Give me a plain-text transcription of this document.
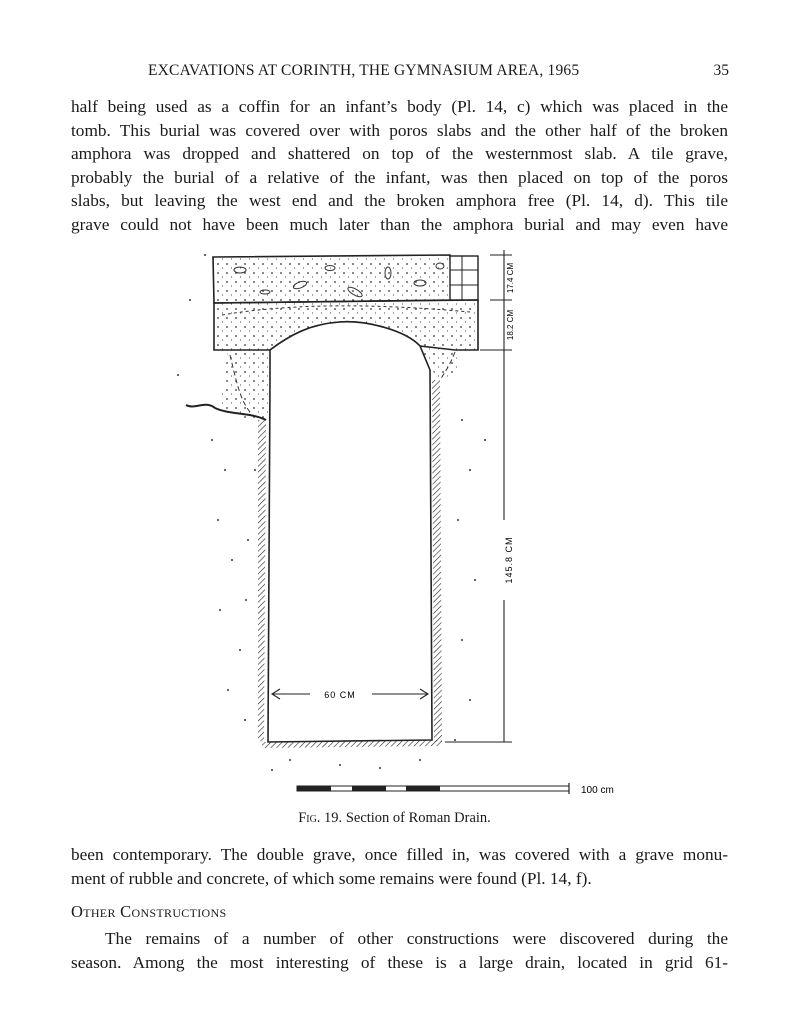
EXCAVATIONS AT CORINTH, THE GYMNASIUM AREA, 1965	35
half being used as a coffin for an infant’s body (Pl. 14, c) which was placed in the
tomb. This burial was covered over with poros slabs and the other half of the broken
amphora was dropped and shattered on top of the westernmost slab. A tile grave,
probably the burial of a relative of the infant, was then placed on top of the poros
slabs, but leaving the west end and the broken amphora free (Pl. 14, d). This tile
grave could not have been much later than the amphora burial and may even have
17.4 CM
18.2 CM
145.8 CM
60 CM
100 cm
Fig. 19. Section of Roman Drain.
been contemporary. The double grave, once filled in, was covered with a grave monu-
ment of rubble and concrete, of which some remains were found (Pl. 14, f).
Other Constructions
The remains of a number of other constructions were discovered during the
season. Among the most interesting of these is a large drain, located in grid 61-
